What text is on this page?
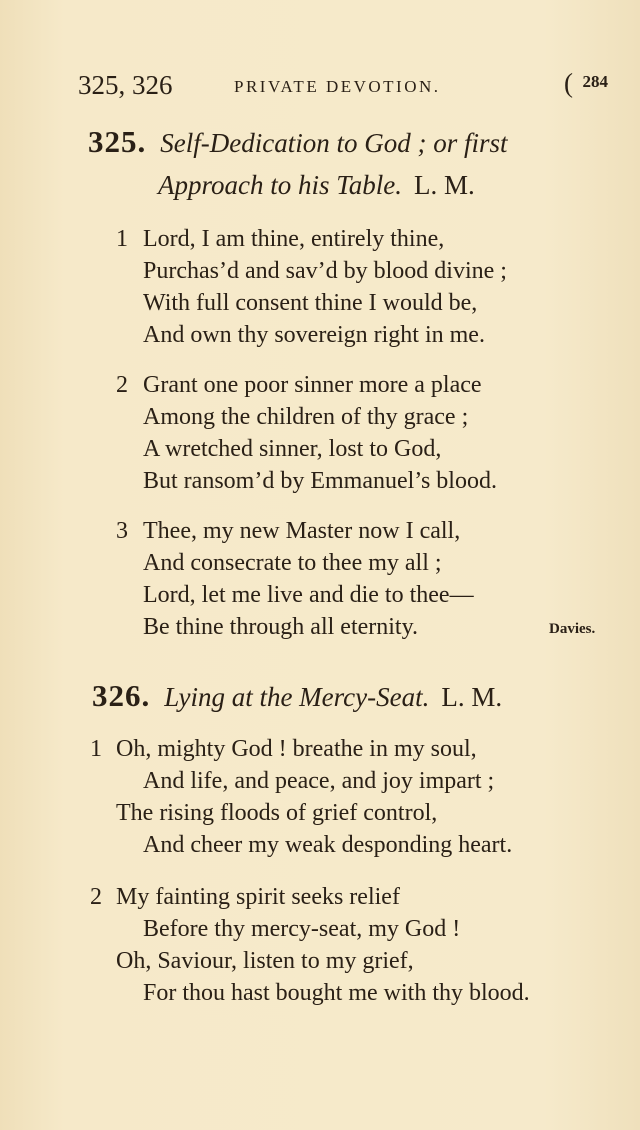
325, 326	PRIVATE DEVOTION.	( 284
325. Self-Dedication to God ; or first
Approach to his Table. L. M.
1 Lord, I am thine, entirely thine,
Purchas’d and sav’d by blood divine ;
With full consent thine I would be,
And own thy sovereign right in me.
2 Grant one poor sinner more a place
Among the children of thy grace ;
A wretched sinner, lost to God,
But ransom’d by Emmanuel’s blood.
3 Thee, my new Master now I call,
And consecrate to thee my all ;
Lord, let me live and die to thee—
Be thine through all eternity.	Davies.
326. Lying at the Mercy-Seat. L. M.
1 Oh, mighty God ! breathe in my soul,
And life, and peace, and joy impart ;
The rising floods of grief control,
And cheer my weak desponding heart.
2 My fainting spirit seeks relief
Before thy mercy-seat, my God !
Oh, Saviour, listen to my grief,
For thou hast bought me with thy blood.
